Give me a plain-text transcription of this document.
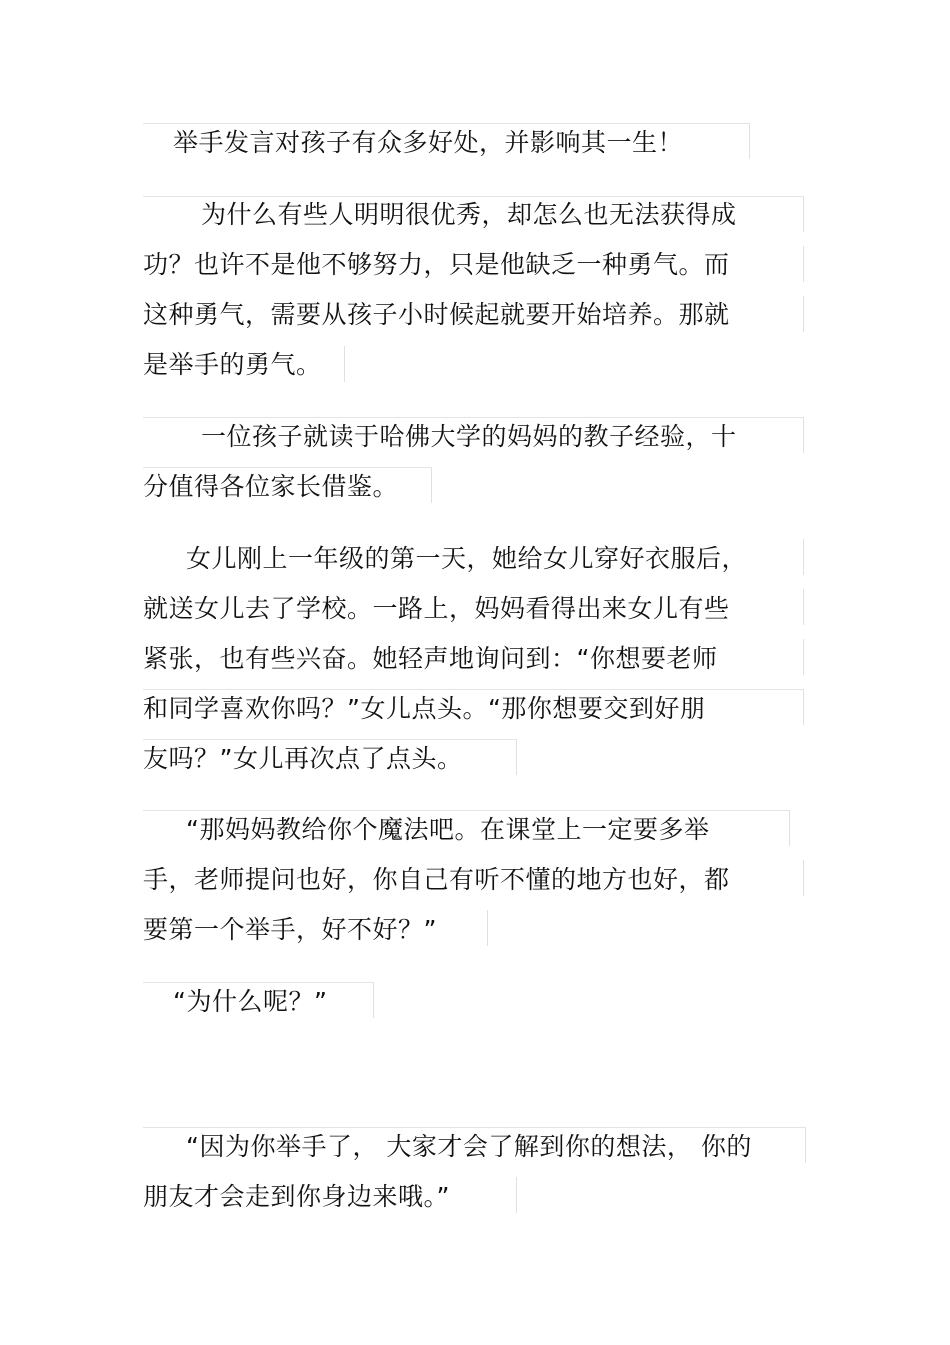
举手发言对孩子有众多好处，并影响其一生！
为什么有些人明明很优秀，却怎么也无法获得成
功？也许不是他不够努力，只是他缺乏一种勇气。而
这种勇气，需要从孩子小时候起就要开始培养。那就
是举手的勇气。
一位孩子就读于哈佛大学的妈妈的教子经验，十
分值得各位家长借鉴。
女儿刚上一年级的第一天，她给女儿穿好衣服后，
就送女儿去了学校。一路上，妈妈看得出来女儿有些
紧张，也有些兴奋。她轻声地询问到：“你想要老师
和同学喜欢你吗？”女儿点头。“那你想要交到好朋
友吗？”女儿再次点了点头。
“那妈妈教给你个魔法吧。在课堂上一定要多举
手，老师提问也好，你自己有听不懂的地方也好，都
要第一个举手，好不好？”
“为什么呢？”
“因为你举手了， 大家才会了解到你的想法， 你的
朋友才会走到你身边来哦。”
